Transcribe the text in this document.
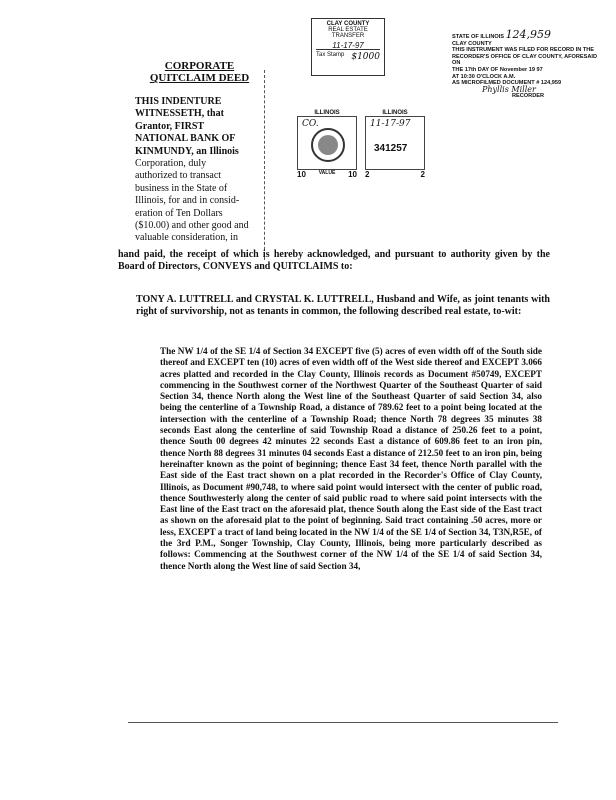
CLAY COUNTY
REAL ESTATE
TRANSFER
11-17-97
Tax Stamp $1000
STATE OF ILLINOIS 124,959
CLAY COUNTY
THIS INSTRUMENT WAS FILED FOR RECORD IN THE
RECORDER'S OFFICE OF CLAY COUNTY, AFORESAID ON
THE 17th DAY OF November 19 97
AT 10:30 O'CLOCK A.M.
AS MICROFILMED DOCUMENT # 124,959
Phyllis Miller
RECORDER
ILLINOIS
CO.
10	VALUE 10
ILLINOIS
11-17-97
341257
2	2
CORPORATE
QUITCLAIM DEED
THIS INDENTURE
WITNESSETH, that
Grantor, FIRST
NATIONAL BANK OF
KINMUNDY, an Illinois
Corporation, duly
authorized to transact
business in the State of
Illinois, for and in consid-
eration of Ten Dollars
($10.00) and other good and
valuable consideration, in
hand paid, the receipt of which is hereby acknowledged, and pursuant to authority given by the Board of Directors, CONVEYS and QUITCLAIMS to:
TONY A. LUTTRELL and CRYSTAL K. LUTTRELL, Husband and Wife, as joint tenants with right of survivorship, not as tenants in common, the following described real estate, to-wit:
The NW 1/4 of the SE 1/4 of Section 34 EXCEPT five (5) acres of even width off of the South side thereof and EXCEPT ten (10) acres of even width off of the West side thereof and EXCEPT 3.066 acres platted and recorded in the Clay County, Illinois records as Document #50749, EXCEPT commencing in the Southwest corner of the Northwest Quarter of the Southeast Quarter of said Section 34, thence North along the West line of the Southeast Quarter of said Section 34, also being the centerline of a Township Road, a distance of 789.62 feet to a point being located at the intersection with the centerline of a Township Road; thence North 78 degrees 35 minutes 38 seconds East along the centerline of said Township Road a distance of 250.26 feet to a point, thence South 00 degrees 42 minutes 22 seconds East a distance of 609.86 feet to an iron pin, thence North 88 degrees 31 minutes 04 seconds East a distance of 212.50 feet to an iron pin, being hereinafter known as the point of beginning; thence East 34 feet, thence North parallel with the East side of the East tract shown on a plat recorded in the Recorder's Office of Clay County, Illinois, as Document #90,748, to where said point would intersect with the center of public road, thence Southwesterly along the center of said public road to where said point intersects with the East line of the East tract on the aforesaid plat, thence South along the East side of the East tract as shown on the aforesaid plat to the point of beginning. Said tract containing .50 acres, more or less, EXCEPT a tract of land being located in the NW 1/4 of the SE 1/4 of Section 34, T3N,R5E, of the 3rd P.M., Songer Township, Clay County, Illinois, being more particularly described as follows: Commencing at the Southwest corner of the NW 1/4 of the SE 1/4 of said Section 34, thence North along the West line of said Section 34,
